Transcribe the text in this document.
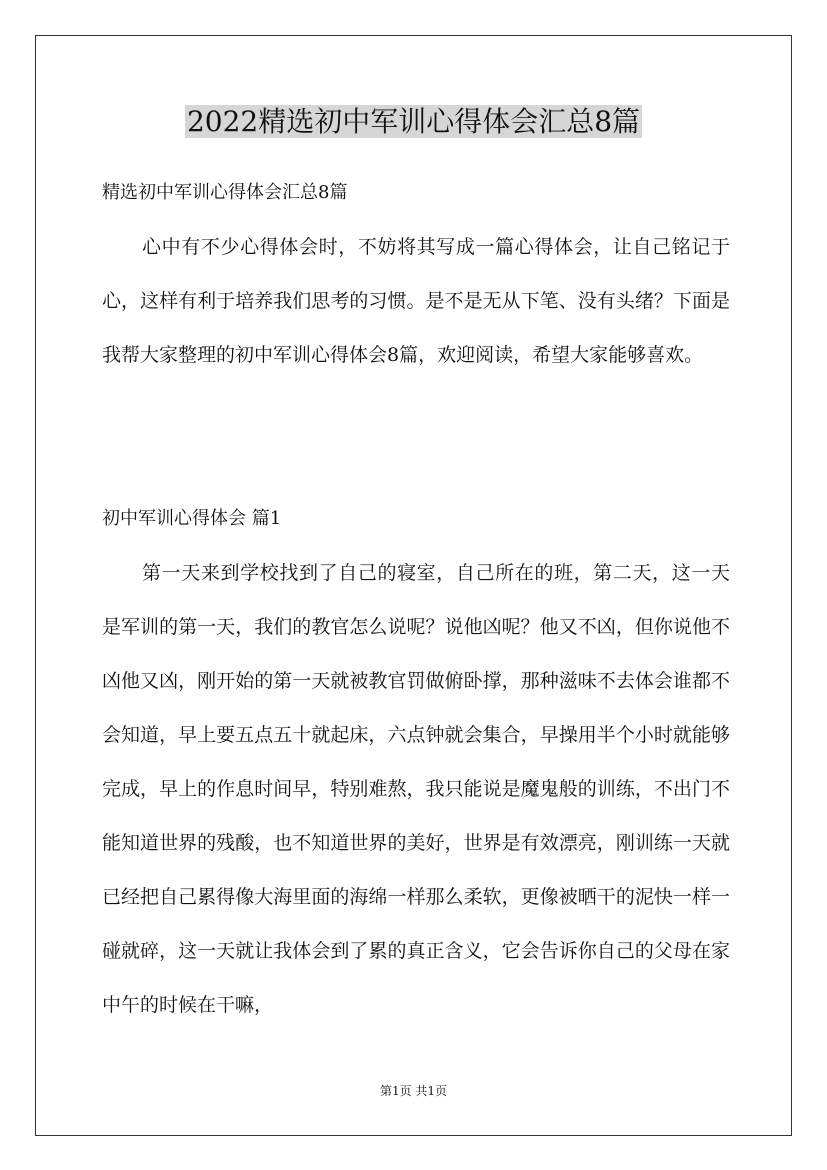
2022精选初中军训心得体会汇总8篇

精选初中军训心得体会汇总8篇

心中有不少心得体会时，不妨将其写成一篇心得体会，让自己铭记于心，这样有利于培养我们思考的习惯。是不是无从下笔、没有头绪？下面是我帮大家整理的初中军训心得体会8篇，欢迎阅读，希望大家能够喜欢。

初中军训心得体会 篇1

第一天来到学校找到了自己的寝室，自己所在的班，第二天，这一天是军训的第一天，我们的教官怎么说呢？说他凶呢？他又不凶，但你说他不凶他又凶，刚开始的第一天就被教官罚做俯卧撑，那种滋味不去体会谁都不会知道，早上要五点五十就起床，六点钟就会集合，早操用半个小时就能够完成，早上的作息时间早，特别难熬，我只能说是魔鬼般的训练，不出门不能知道世界的残酸，也不知道世界的美好，世界是有效漂亮，刚训练一天就已经把自己累得像大海里面的海绵一样那么柔软，更像被晒干的泥快一样一碰就碎，这一天就让我体会到了累的真正含义，它会告诉你自己的父母在家中午的时候在干嘛，

第1页 共1页
